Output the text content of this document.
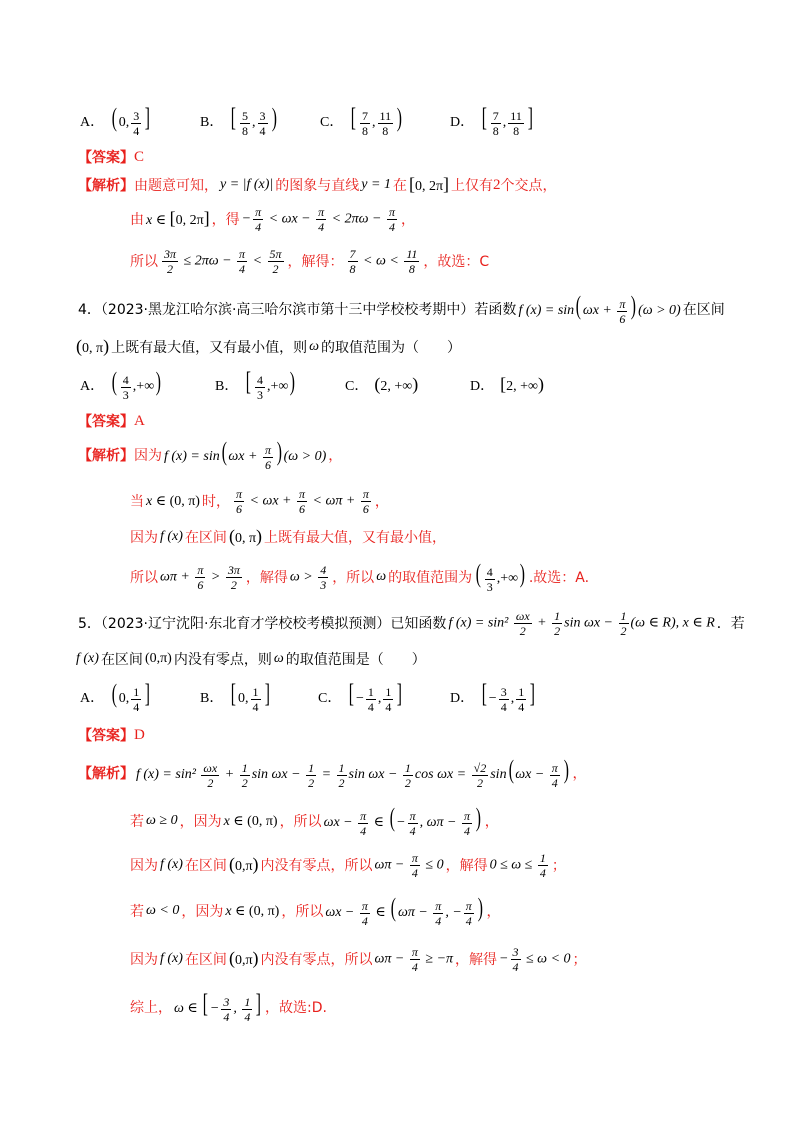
A． ( 0, $\frac{3}{4}$ ]	B． [ $\frac{5}{8}$ , $\frac{3}{4}$ )	C． [ $\frac{7}{8}$ , $\frac{11}{8}$ )	D． [ $\frac{7}{8}$ , $\frac{11}{8}$ ]
【答案】 C
【解析】 由题意可知， y = |f (x)| 的图象与直线 y = 1 在 [0, 2π] 上仅有 2 个交点，
由 x ∈ [0, 2π] ，得 − $\frac{\pi}{4} < \omega x - \frac{\pi}{4} < 2\pi\omega - \frac{\pi}{4}$ ，
所以 $\frac{3\pi}{2} \le 2\pi\omega - \frac{\pi}{4} < \frac{5\pi}{2}$ ，解得： $\frac{7}{8} < \omega < \frac{11}{8}$ ，故选：C
4．（2023·黑龙江哈尔滨·高三哈尔滨市第十三中学校校考期中）若函数 f (x) = sin( $\omega x + \frac{\pi}{6}$ ) (ω > 0) 在区间
(0, π) 上既有最大值，又有最小值，则 ω 的取值范围为（　　）
A． ( $\frac{4}{3}$ ,+∞)	B． [ $\frac{4}{3}$ ,+∞)	C． (2, +∞)	D． [2, +∞)
【答案】 A
【解析】 因为 f (x) = sin( $\omega x + \frac{\pi}{6}$ ) (ω > 0) ，
当 x ∈ (0, π) 时， $\frac{\pi}{6} < \omega x + \frac{\pi}{6} < \omega\pi + \frac{\pi}{6}$ ，
因为 f (x) 在区间 (0, π) 上既有最大值，又有最小值，
所以 $\omega\pi + \frac{\pi}{6} > \frac{3\pi}{2}$ ，解得 $\omega > \frac{4}{3}$ ，所以 ω 的取值范围为 ( $\frac{4}{3}$ ,+∞) .故选：A.
5．（2023·辽宁沈阳·东北育才学校校考模拟预测）已知函数 f $(x) = \sin^2 \frac{\omega x}{2} + \frac{1}{2}$ $\sin \omega x - \frac{1}{2} (\omega$ ∈ R), x ∈ R ．若
f (x) 在区间 (0,π) 内没有零点，则 ω 的取值范围是（　　）
A． ( 0, $\frac{1}{4}$ ]	B． [ 0, $\frac{1}{4}$ ]	C． [ − $\frac{1}{4}$ , $\frac{1}{4}$ ]	D． [ − $\frac{3}{4}$ , $\frac{1}{4}$ ]
【答案】 D
【解析】 f $(x) = \sin^2 \frac{\omega x}{2} + \frac{1}{2}$ $\sin \omega x - \frac{1}{2} = \frac{1}{2}$ $\sin \omega x - \frac{1}{2}$ $\cos \omega x = \frac{√2}{2} \sin$( $\omega x - \frac{\pi}{4}$ ) ，
若 ω ≥ 0 ，因为 x ∈ (0, π) ，所以 $\omega x - \frac{\pi}{4}$ ∈ ( − $\frac{\pi}{4}$ , $\omega\pi - \frac{\pi}{4}$ ) ，
因为 f (x) 在区间 (0,π) 内没有零点，所以 $\omega\pi - \frac{\pi}{4} \le 0$ ，解得 $0 \le \omega \le \frac{1}{4}$ ；
若 ω < 0 ，因为 x ∈ (0, π) ，所以 $\omega x - \frac{\pi}{4}$ ∈ ( $\omega\pi - \frac{\pi}{4}$ , − $\frac{\pi}{4}$ ) ，
因为 f (x) 在区间 (0,π) 内没有零点，所以 $\omega\pi - \frac{\pi}{4} \ge -\pi$ ，解得 − $\frac{3}{4} \le \omega < 0$ ；
综上， ω ∈ [ − $\frac{3}{4}$ , $\frac{1}{4}$ ] ，故选:D.
